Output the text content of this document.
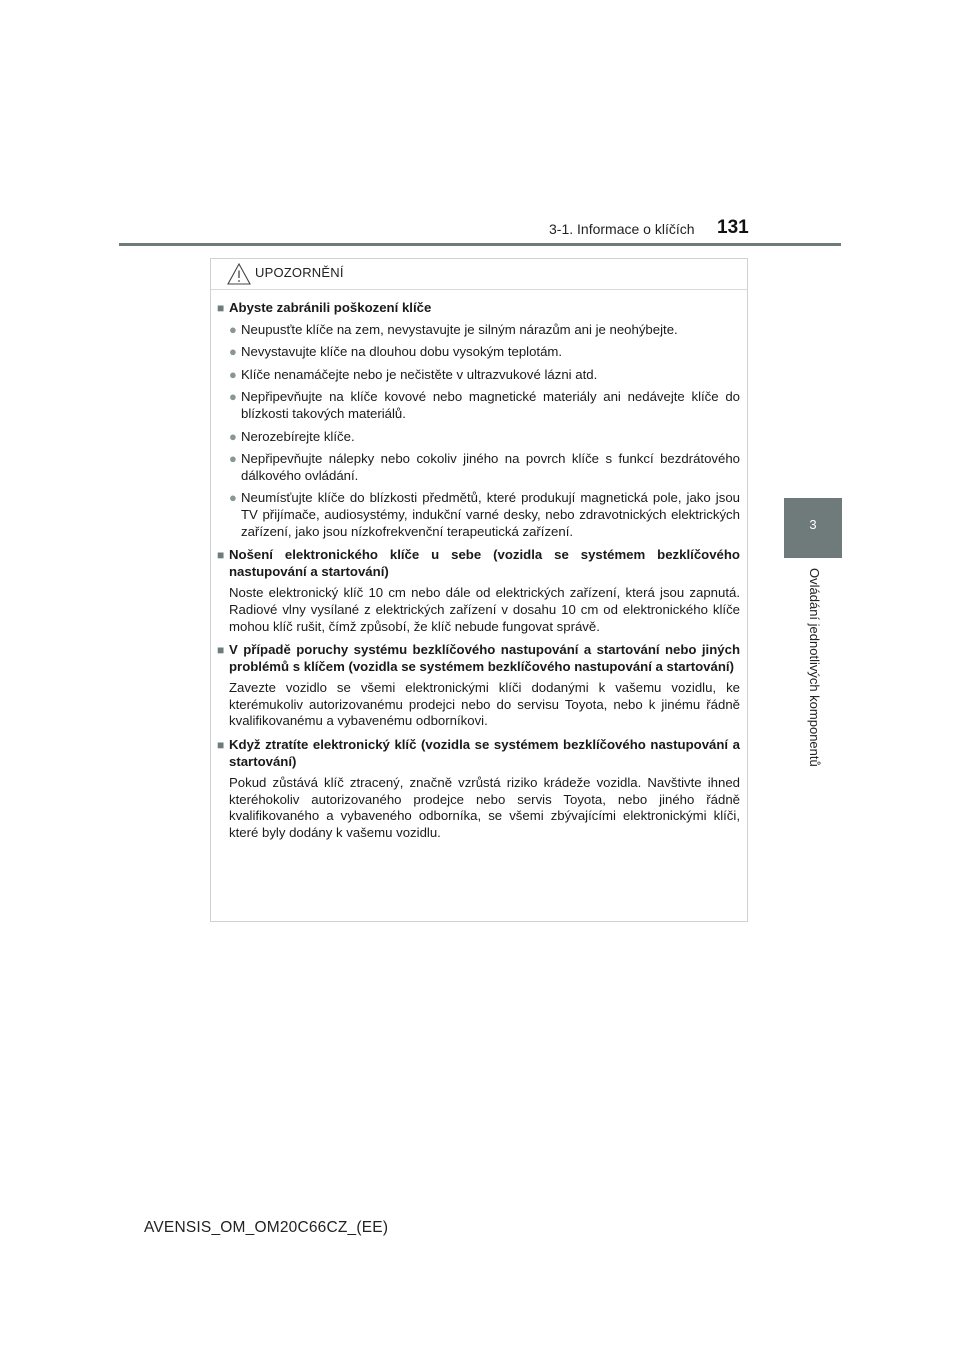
3-1. Informace o klíčích 131
3
Ovládání jednotlivých komponentů
UPOZORNĚNÍ
■ Abyste zabránili poškození klíče
● Neupusťte klíče na zem, nevystavujte je silným nárazům ani je neohýbejte.
● Nevystavujte klíče na dlouhou dobu vysokým teplotám.
● Klíče nenamáčejte nebo je nečistěte v ultrazvukové lázni atd.
● Nepřipevňujte na klíče kovové nebo magnetické materiály ani nedávejte klíče do blízkosti takových materiálů.
● Nerozebírejte klíče.
● Nepřipevňujte nálepky nebo cokoliv jiného na povrch klíče s funkcí bezdrátového dálkového ovládání.
● Neumísťujte klíče do blízkosti předmětů, které produkují magnetická pole, jako jsou TV přijímače, audiosystémy, indukční varné desky, nebo zdravotnických elektrických zařízení, jako jsou nízkofrekvenční terapeutická zařízení.
■ Nošení elektronického klíče u sebe (vozidla se systémem bezklíčového nastupování a startování)

Noste elektronický klíč 10 cm nebo dále od elektrických zařízení, která jsou zapnutá. Radiové vlny vysílané z elektrických zařízení v dosahu 10 cm od elektronického klíče mohou klíč rušit, čímž způsobí, že klíč nebude fungovat správě.

■ V případě poruchy systému bezklíčového nastupování a startování nebo jiných problémů s klíčem (vozidla se systémem bezklíčového nastupování a startování)

Zavezte vozidlo se všemi elektronickými klíči dodanými k vašemu vozidlu, ke kterémukoliv autorizovanému prodejci nebo do servisu Toyota, nebo k jinému řádně kvalifikovanému a vybavenému odborníkovi.

■ Když ztratíte elektronický klíč (vozidla se systémem bezklíčového nastupování a startování)

Pokud zůstává klíč ztracený, značně vzrůstá riziko krádeže vozidla. Navštivte ihned kteréhokoliv autorizovaného prodejce nebo servis Toyota, nebo jiného řádně kvalifikovaného a vybaveného odborníka, se všemi zbývajícími elektronickými klíči, které byly dodány k vašemu vozidlu.

AVENSIS_OM_OM20C66CZ_(EE)
